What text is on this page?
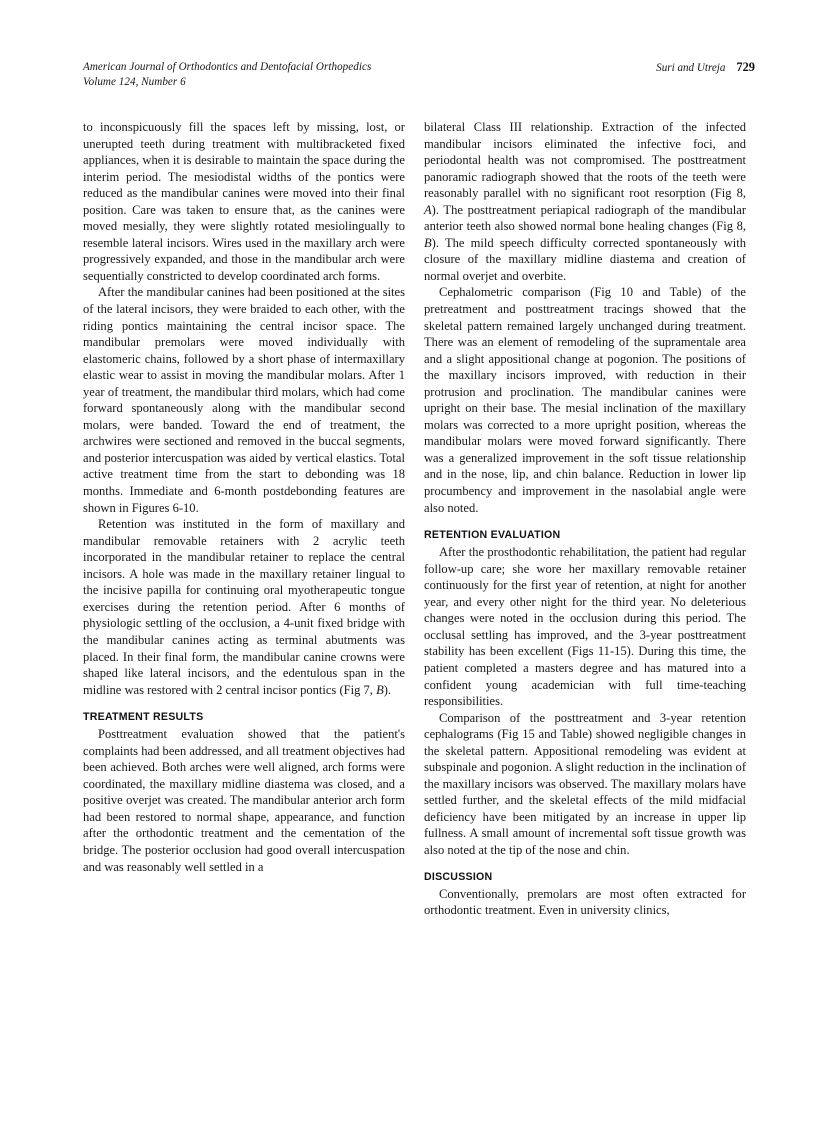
American Journal of Orthodontics and Dentofacial Orthopedics
Volume 124, Number 6
Suri and Utreja 729

to inconspicuously fill the spaces left by missing, lost, or unerupted teeth during treatment with multibracketed fixed appliances, when it is desirable to maintain the space during the interim period. The mesiodistal widths of the pontics were reduced as the mandibular canines were moved into their final position. Care was taken to ensure that, as the canines were moved mesially, they were slightly rotated mesiolingually to resemble lateral incisors. Wires used in the maxillary arch were progressively expanded, and those in the mandibular arch were sequentially constricted to develop coordinated arch forms.

After the mandibular canines had been positioned at the sites of the lateral incisors, they were braided to each other, with the riding pontics maintaining the central incisor space. The mandibular premolars were moved individually with elastomeric chains, followed by a short phase of intermaxillary elastic wear to assist in moving the mandibular molars. After 1 year of treatment, the mandibular third molars, which had come forward spontaneously along with the mandibular second molars, were banded. Toward the end of treatment, the archwires were sectioned and removed in the buccal segments, and posterior intercuspation was aided by vertical elastics. Total active treatment time from the start to debonding was 18 months. Immediate and 6-month postdebonding features are shown in Figures 6-10.

Retention was instituted in the form of maxillary and mandibular removable retainers with 2 acrylic teeth incorporated in the mandibular retainer to replace the central incisors. A hole was made in the maxillary retainer lingual to the incisive papilla for continuing oral myotherapeutic tongue exercises during the retention period. After 6 months of physiologic settling of the occlusion, a 4-unit fixed bridge with the mandibular canines acting as terminal abutments was placed. In their final form, the mandibular canine crowns were shaped like lateral incisors, and the edentulous span in the midline was restored with 2 central incisor pontics (Fig 7, B).

TREATMENT RESULTS

Posttreatment evaluation showed that the patient's complaints had been addressed, and all treatment objectives had been achieved. Both arches were well aligned, arch forms were coordinated, the maxillary midline diastema was closed, and a positive overjet was created. The mandibular anterior arch form had been restored to normal shape, appearance, and function after the orthodontic treatment and the cementation of the bridge. The posterior occlusion had good overall intercuspation and was reasonably well settled in a

bilateral Class III relationship. Extraction of the infected mandibular incisors eliminated the infective foci, and periodontal health was not compromised. The posttreatment panoramic radiograph showed that the roots of the teeth were reasonably parallel with no significant root resorption (Fig 8, A). The posttreatment periapical radiograph of the mandibular anterior teeth also showed normal bone healing changes (Fig 8, B). The mild speech difficulty corrected spontaneously with closure of the maxillary midline diastema and creation of normal overjet and overbite.

Cephalometric comparison (Fig 10 and Table) of the pretreatment and posttreatment tracings showed that the skeletal pattern remained largely unchanged during treatment. There was an element of remodeling of the supramentale area and a slight appositional change at pogonion. The positions of the maxillary incisors improved, with reduction in their protrusion and proclination. The mandibular canines were upright on their base. The mesial inclination of the maxillary molars was corrected to a more upright position, whereas the mandibular molars were moved forward significantly. There was a generalized improvement in the soft tissue relationship and in the nose, lip, and chin balance. Reduction in lower lip procumbency and improvement in the nasolabial angle were also noted.

RETENTION EVALUATION

After the prosthodontic rehabilitation, the patient had regular follow-up care; she wore her maxillary removable retainer continuously for the first year of retention, at night for another year, and every other night for the third year. No deleterious changes were noted in the occlusion during this period. The occlusal settling has improved, and the 3-year posttreatment stability has been excellent (Figs 11-15). During this time, the patient completed a masters degree and has matured into a confident young academician with full time-teaching responsibilities.

Comparison of the posttreatment and 3-year retention cephalograms (Fig 15 and Table) showed negligible changes in the skeletal pattern. Appositional remodeling was evident at subspinale and pogonion. A slight reduction in the inclination of the maxillary incisors was observed. The maxillary molars have settled further, and the skeletal effects of the mild midfacial deficiency have been mitigated by an increase in upper lip fullness. A small amount of incremental soft tissue growth was also noted at the tip of the nose and chin.

DISCUSSION

Conventionally, premolars are most often extracted for orthodontic treatment. Even in university clinics,
